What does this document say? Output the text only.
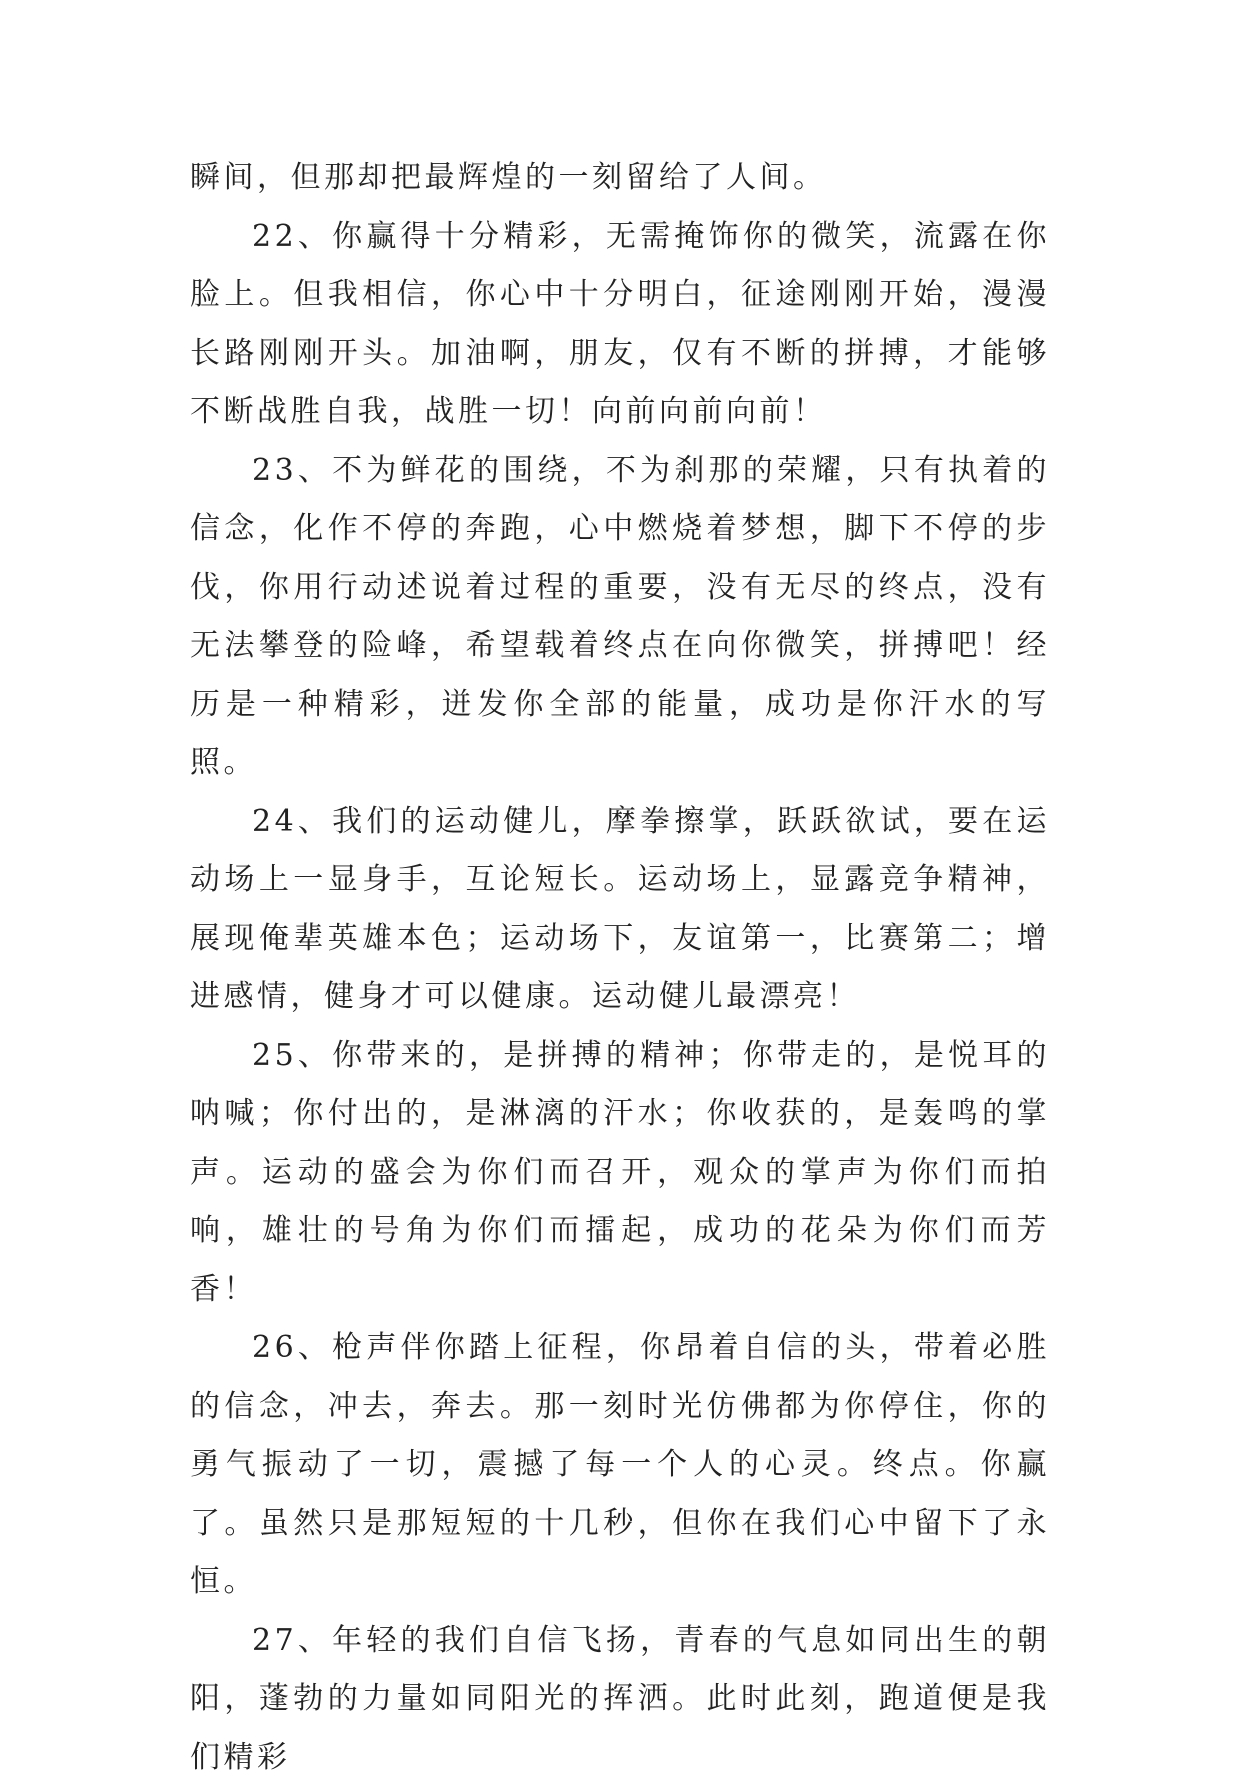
瞬间，但那却把最辉煌的一刻留给了人间。

22、你赢得十分精彩，无需掩饰你的微笑，流露在你脸上。但我相信，你心中十分明白，征途刚刚开始，漫漫长路刚刚开头。加油啊，朋友，仅有不断的拼搏，才能够不断战胜自我，战胜一切！向前向前向前！

23、不为鲜花的围绕，不为刹那的荣耀，只有执着的信念，化作不停的奔跑，心中燃烧着梦想，脚下不停的步伐，你用行动述说着过程的重要，没有无尽的终点，没有无法攀登的险峰，希望载着终点在向你微笑，拼搏吧！经历是一种精彩，迸发你全部的能量，成功是你汗水的写照。

24、我们的运动健儿，摩拳擦掌，跃跃欲试，要在运动场上一显身手，互论短长。运动场上，显露竞争精神，展现俺辈英雄本色；运动场下，友谊第一，比赛第二；增进感情，健身才可以健康。运动健儿最漂亮！

25、你带来的，是拼搏的精神；你带走的，是悦耳的呐喊；你付出的，是淋漓的汗水；你收获的，是轰鸣的掌声。运动的盛会为你们而召开，观众的掌声为你们而拍响，雄壮的号角为你们而擂起，成功的花朵为你们而芳香！

26、枪声伴你踏上征程，你昂着自信的头，带着必胜的信念，冲去，奔去。那一刻时光仿佛都为你停住，你的勇气振动了一切，震撼了每一个人的心灵。终点。你赢了。虽然只是那短短的十几秒，但你在我们心中留下了永恒。

27、年轻的我们自信飞扬，青春的气息如同出生的朝阳，蓬勃的力量如同阳光的挥洒。此时此刻，跑道便是我们精彩
